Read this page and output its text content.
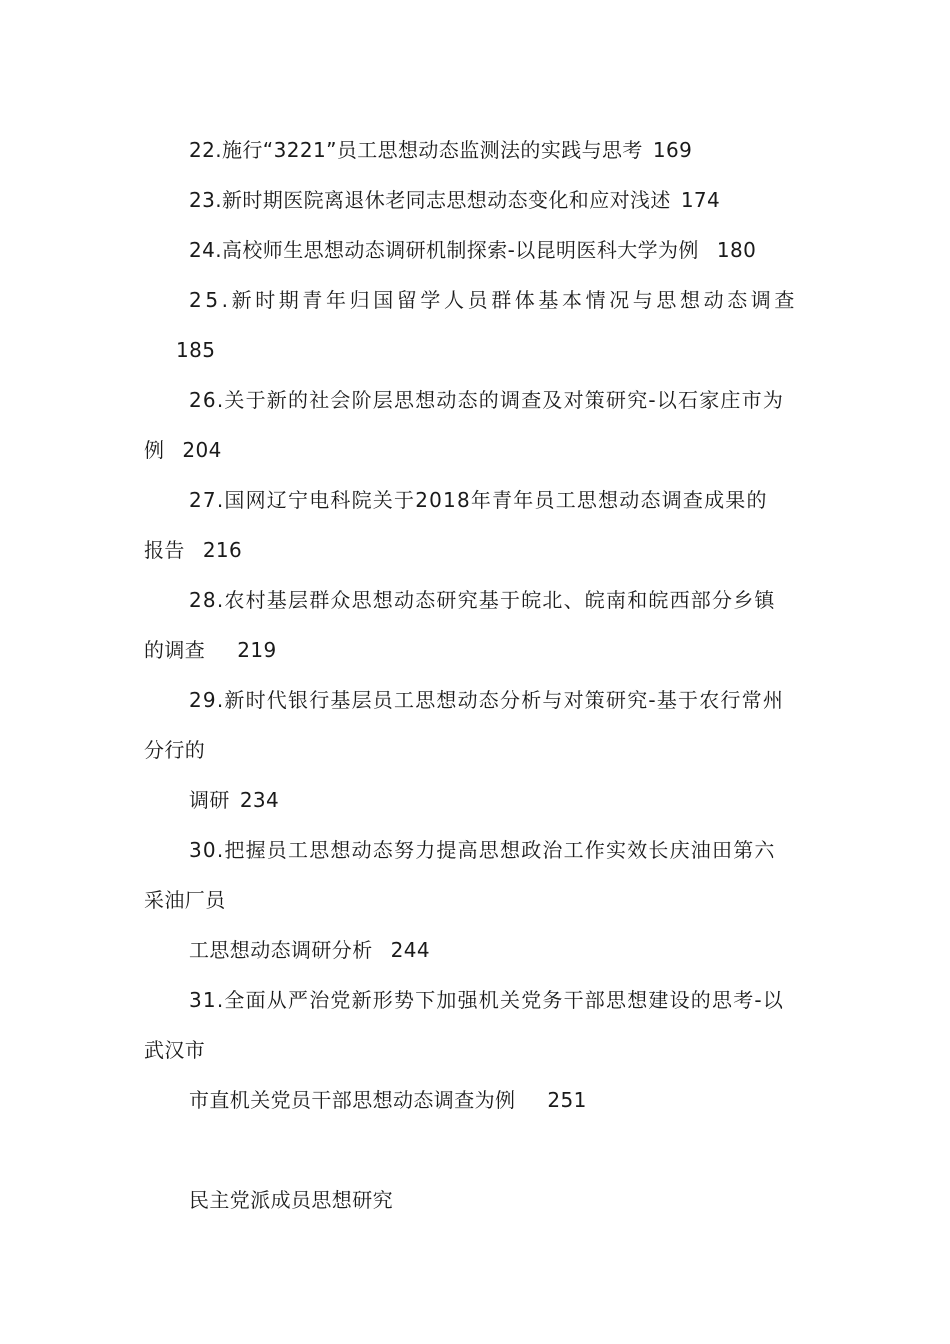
22.施行“3221”员工思想动态监测法的实践与思考 169
23.新时期医院离退休老同志思想动态变化和应对浅述 174
24.高校师生思想动态调研机制探索-以昆明医科大学为例 180
25.新时期青年归国留学人员群体基本情况与思想动态调查
185
26.关于新的社会阶层思想动态的调查及对策研究-以石家庄市为
例 204
27.国网辽宁电科院关于2018年青年员工思想动态调查成果的
报告 216
28.农村基层群众思想动态研究基于皖北、皖南和皖西部分乡镇
的调查 219
29.新时代银行基层员工思想动态分析与对策研究-基于农行常州
分行的
调研 234
30.把握员工思想动态努力提高思想政治工作实效长庆油田第六
采油厂员
工思想动态调研分析 244
31.全面从严治党新形势下加强机关党务干部思想建设的思考-以
武汉市
市直机关党员干部思想动态调查为例 251
民主党派成员思想研究
